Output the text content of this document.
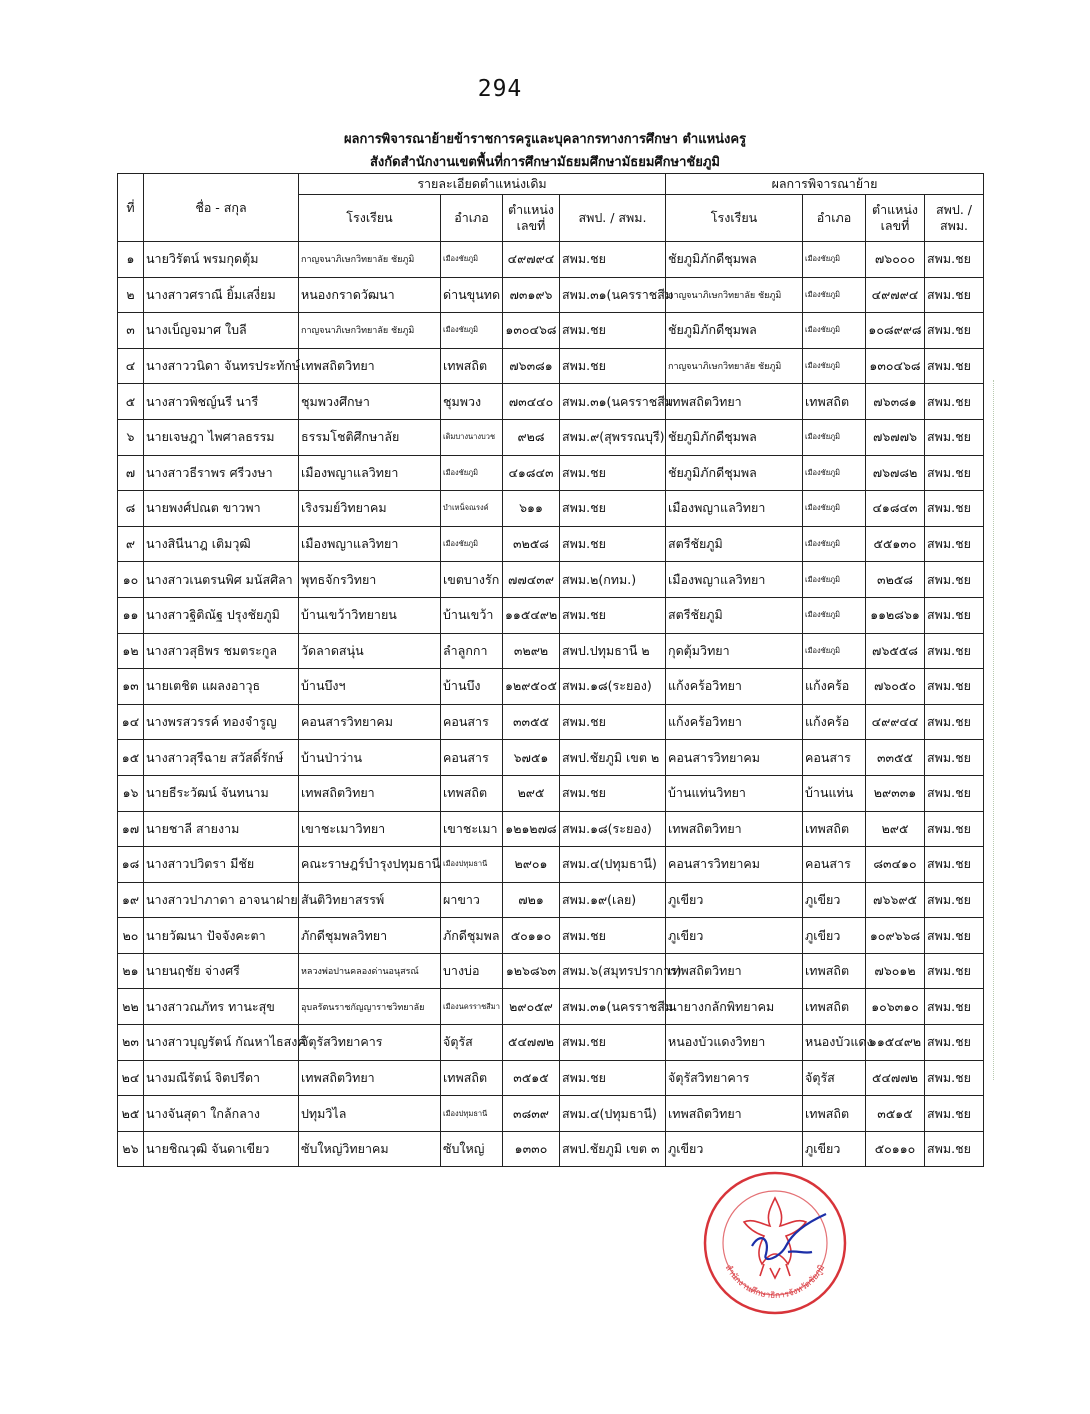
294
ผลการพิจารณาย้ายข้าราชการครูและบุคลากรทางการศึกษา ตำแหน่งครู
สังกัดสำนักงานเขตพื้นที่การศึกษามัธยมศึกษามัธยมศึกษาชัยภูมิ
ที่	ชื่อ - สกุล	รายละเอียดตำแหน่งเดิม				ผลการพิจารณาย้าย			
		โรงเรียน	อำเภอ	ตำแหน่ง เลขที่	สพป. / สพม.	โรงเรียน	อำเภอ	ตำแหน่ง เลขที่	สพป. / สพม.
๑	นายวิรัตน์ พรมกุดตุ้ม	กาญจนาภิเษกวิทยาลัย ชัยภูมิ	เมืองชัยภูมิ	๔๙๗๙๔	สพม.ชย	ชัยภูมิภักดีชุมพล	เมืองชัยภูมิ	๗๖๐๐๐	สพม.ชย
๒	นางสาวศราณี ยิ้มเสงี่ยม	หนองกราดวัฒนา	ด่านขุนทด	๗๓๑๙๖	สพม.๓๑(นครราชสีม	กาญจนาภิเษกวิทยาลัย ชัยภูมิ	เมืองชัยภูมิ	๔๙๗๙๔	สพม.ชย
๓	นางเบ็ญจมาศ ใบลี	กาญจนาภิเษกวิทยาลัย ชัยภูมิ	เมืองชัยภูมิ	๑๓๐๔๖๘	สพม.ชย	ชัยภูมิภักดีชุมพล	เมืองชัยภูมิ	๑๐๘๙๙๘	สพม.ชย
๔	นางสาววนิดา จันทรประทักษ์	เทพสถิตวิทยา	เทพสถิต	๗๖๓๘๑	สพม.ชย	กาญจนาภิเษกวิทยาลัย ชัยภูมิ	เมืองชัยภูมิ	๑๓๐๔๖๘	สพม.ชย
๕	นางสาวพิชญ์นรี นารี	ชุมพวงศึกษา	ชุมพวง	๗๓๔๔๐	สพม.๓๑(นครราชสีม	เทพสถิตวิทยา	เทพสถิต	๗๖๓๘๑	สพม.ชย
๖	นายเจษฎา ไพศาลธรรม	ธรรมโชติศึกษาลัย	เดิมบางนางบวช	๙๒๘	สพม.๙(สุพรรณบุรี)	ชัยภูมิภักดีชุมพล	เมืองชัยภูมิ	๗๖๗๗๖	สพม.ชย
๗	นางสาวธีราพร ศรีวงษา	เมืองพญาแลวิทยา	เมืองชัยภูมิ	๔๑๘๔๓	สพม.ชย	ชัยภูมิภักดีชุมพล	เมืองชัยภูมิ	๗๖๗๘๒	สพม.ชย
๘	นายพงศ์ปณต ขาวพา	เริงรมย์วิทยาคม	บำเหน็จณรงค์	๖๑๑	สพม.ชย	เมืองพญาแลวิทยา	เมืองชัยภูมิ	๔๑๘๔๓	สพม.ชย
๙	นางสินีนาฎ เติมวุฒิ	เมืองพญาแลวิทยา	เมืองชัยภูมิ	๓๒๕๘	สพม.ชย	สตรีชัยภูมิ	เมืองชัยภูมิ	๕๕๑๓๐	สพม.ชย
๑๐	นางสาวเนตรนพิศ มนัสศิลา	พุทธจักรวิทยา	เขตบางรัก	๗๗๔๓๙	สพม.๒(กทม.)	เมืองพญาแลวิทยา	เมืองชัยภูมิ	๓๒๕๘	สพม.ชย
๑๑	นางสาวฐิติณัฐ ปรุงชัยภูมิ	บ้านเขว้าวิทยายน	บ้านเขว้า	๑๑๕๔๙๒	สพม.ชย	สตรีชัยภูมิ	เมืองชัยภูมิ	๑๑๒๘๖๑	สพม.ชย
๑๒	นางสาวสุธิพร ชมตระกูล	วัดลาดสนุ่น	ลำลูกกา	๓๒๙๒	สพป.ปทุมธานี ๒	กุดตุ้มวิทยา	เมืองชัยภูมิ	๗๖๕๕๘	สพม.ชย
๑๓	นายเตชิต แผลงอาวุธ	บ้านบึงฯ	บ้านบึง	๑๒๙๕๐๕	สพม.๑๘(ระยอง)	แก้งคร้อวิทยา	แก้งคร้อ	๗๖๐๕๐	สพม.ชย
๑๔	นางพรสวรรค์ ทองจำรูญ	คอนสารวิทยาคม	คอนสาร	๓๓๕๕	สพม.ชย	แก้งคร้อวิทยา	แก้งคร้อ	๔๙๙๔๔	สพม.ชย
๑๕	นางสาวสุรีฉาย สวัสดิ์รักษ์	บ้านป่าว่าน	คอนสาร	๖๗๕๑	สพป.ชัยภูมิ เขต ๒	คอนสารวิทยาคม	คอนสาร	๓๓๕๕	สพม.ชย
๑๖	นายธีระวัฒน์ จันทนาม	เทพสถิตวิทยา	เทพสถิต	๒๙๕	สพม.ชย	บ้านแท่นวิทยา	บ้านแท่น	๒๙๓๓๑	สพม.ชย
๑๗	นายชาลี สายงาม	เขาชะเมาวิทยา	เขาชะเมา	๑๒๑๒๗๘	สพม.๑๘(ระยอง)	เทพสถิตวิทยา	เทพสถิต	๒๙๕	สพม.ชย
๑๘	นางสาวปวิตรา มีชัย	คณะราษฎร์บำรุงปทุมธานี	เมืองปทุมธานี	๒๙๐๑	สพม.๔(ปทุมธานี)	คอนสารวิทยาคม	คอนสาร	๘๓๔๑๐	สพม.ชย
๑๙	นางสาวปาภาดา อาจนาฝาย	สันติวิทยาสรรพ์	ผาขาว	๗๒๑	สพม.๑๙(เลย)	ภูเขียว	ภูเขียว	๗๖๖๙๕	สพม.ชย
๒๐	นายวัฒนา ปัจจังคะตา	ภักดีชุมพลวิทยา	ภักดีชุมพล	๕๐๑๑๐	สพม.ชย	ภูเขียว	ภูเขียว	๑๐๙๖๖๘	สพม.ชย
๒๑	นายนฤชัย จ่างศรี	หลวงพ่อปานคลองด่านอนุสรณ์	บางบ่อ	๑๒๖๘๖๓	สพม.๖(สมุทรปราการ)	เทพสถิตวิทยา	เทพสถิต	๗๖๐๑๒	สพม.ชย
๒๒	นางสาวณภัทร ทานะสุข	อุบลรัตนราชกัญญาราชวิทยาลัย	เมืองนครราชสีมา	๒๙๐๕๙	สพม.๓๑(นครราชสีม	นายางกลักพิทยาคม	เทพสถิต	๑๐๖๓๑๐	สพม.ชย
๒๓	นางสาวบุญรัตน์ กัณหาไธสงค์	จัตุรัสวิทยาคาร	จัตุรัส	๕๔๗๗๒	สพม.ชย	หนองบัวแดงวิทยา	หนองบัวแดง	๑๑๕๔๙๒	สพม.ชย
๒๔	นางมณีรัตน์ จิตปรีดา	เทพสถิตวิทยา	เทพสถิต	๓๕๑๕	สพม.ชย	จัตุรัสวิทยาคาร	จัตุรัส	๕๔๗๗๒	สพม.ชย
๒๕	นางจันสุดา ใกล้กลาง	ปทุมวิไล	เมืองปทุมธานี	๓๘๓๙	สพม.๔(ปทุมธานี)	เทพสถิตวิทยา	เทพสถิต	๓๕๑๕	สพม.ชย
๒๖	นายชิณวุฒิ จันดาเขียว	ซับใหญ่วิทยาคม	ซับใหญ่	๑๓๓๐	สพป.ชัยภูมิ เขต ๓	ภูเขียว	ภูเขียว	๕๐๑๑๐	สพม.ชย
สำนักงานศึกษาธิการจังหวัดชัยภูมิ
